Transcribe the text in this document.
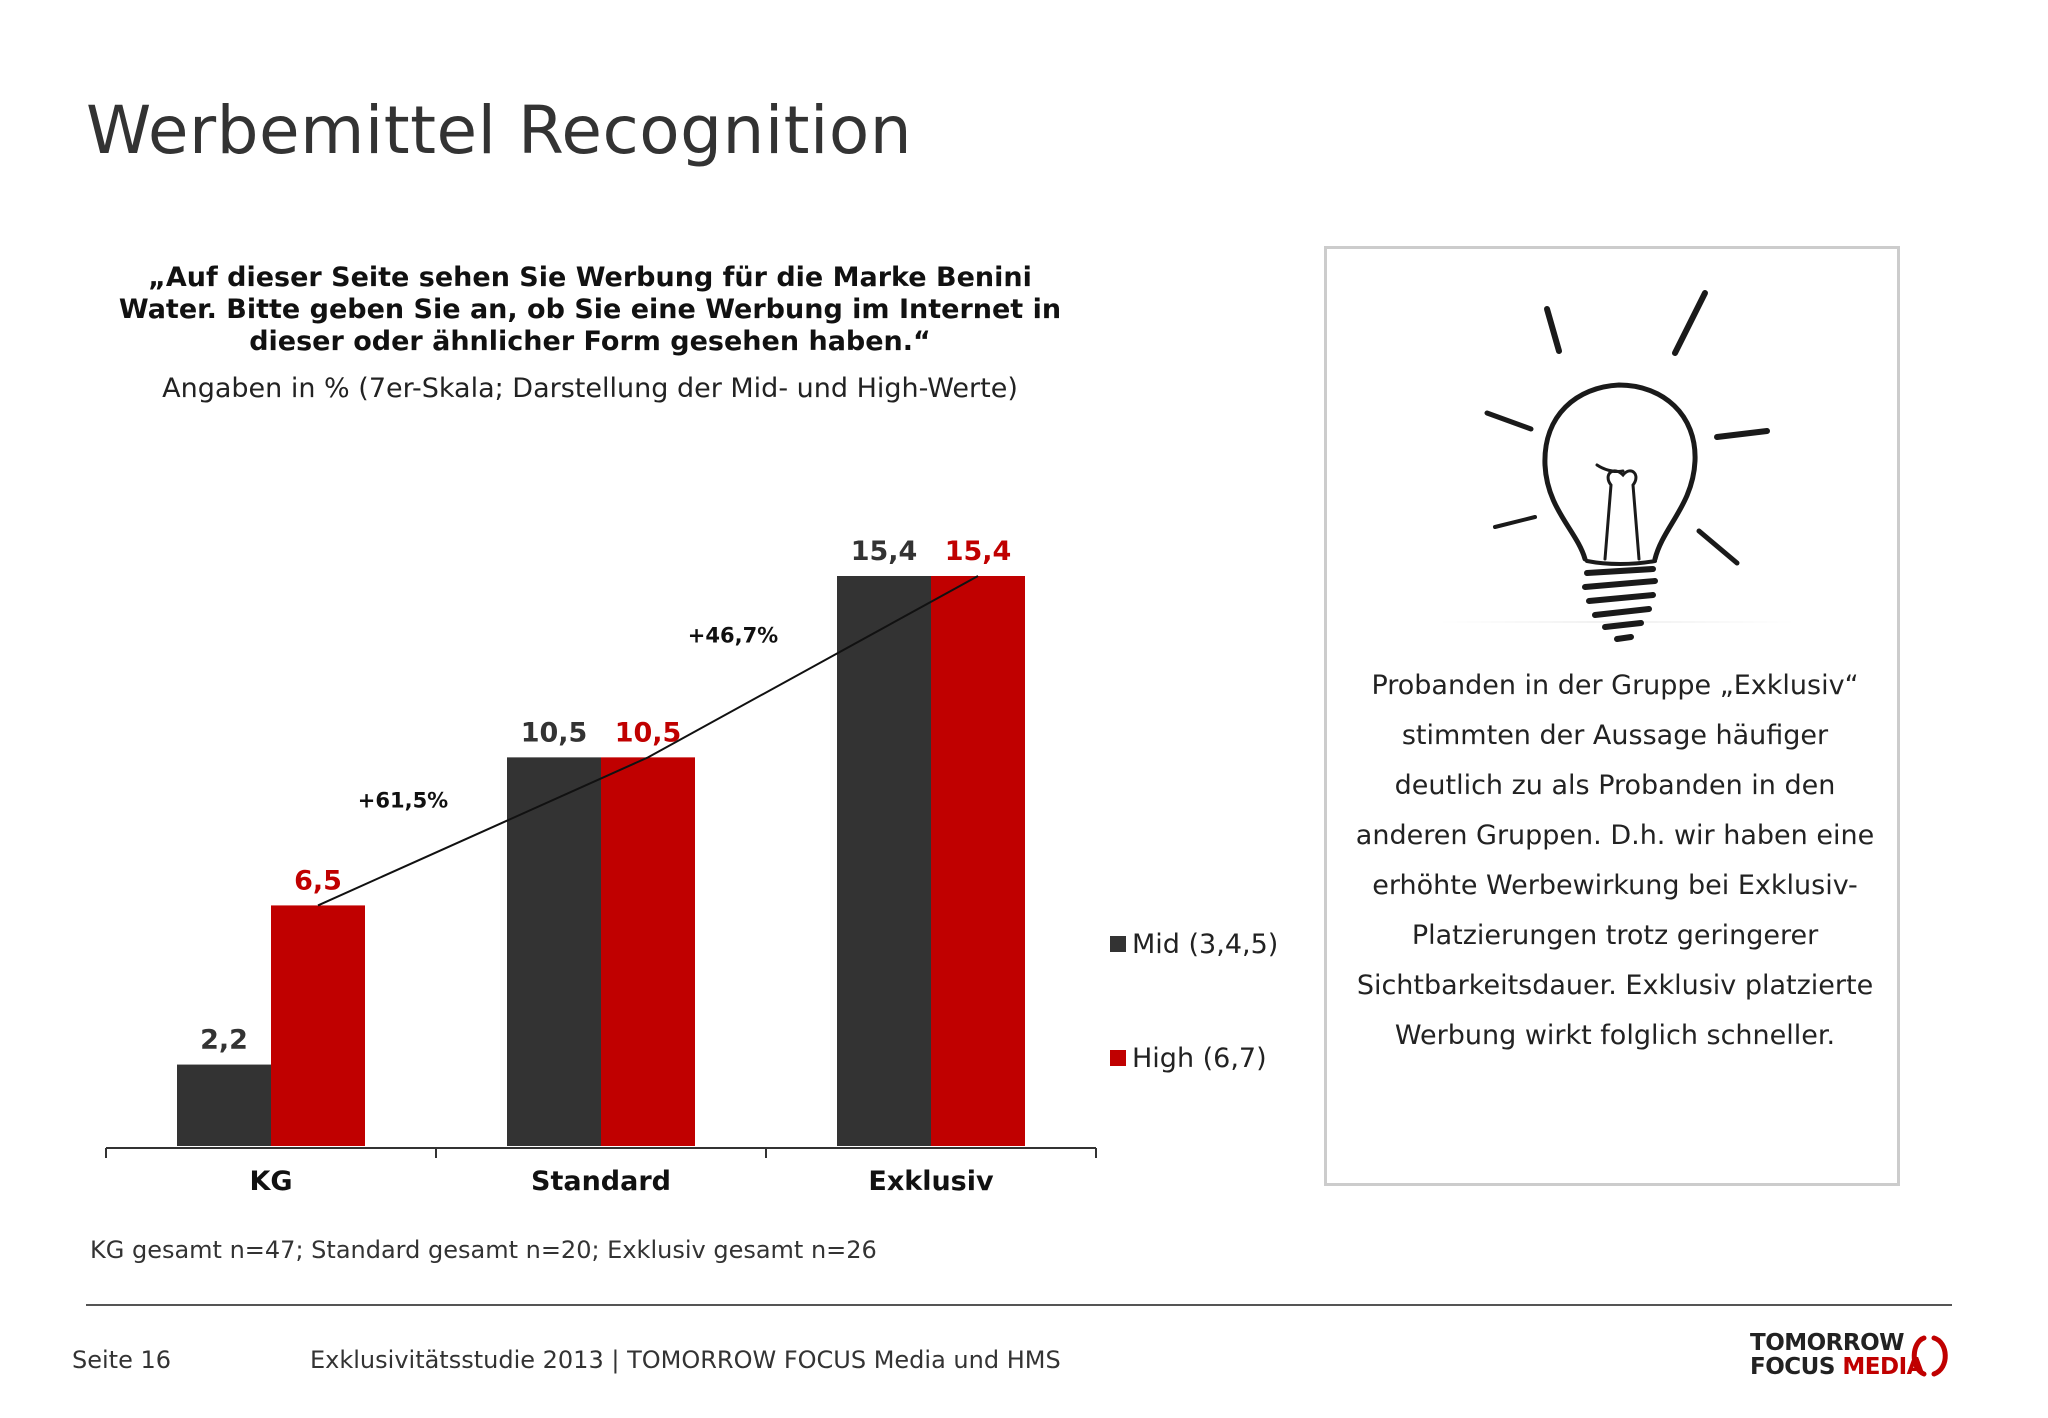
Werbemittel Recognition
„Auf dieser Seite sehen Sie Werbung für die Marke Benini Water. Bitte geben Sie an, ob Sie eine Werbung im Internet in dieser oder ähnlicher Form gesehen haben.“
Angaben in % (7er-Skala; Darstellung der Mid- und High-Werte)
2,2
6,5
KG
10,5 10,5
Standard
15,4 15,4
Exklusiv
+61,5%
+46,7%
Mid (3,4,5)
High (6,7)
KG gesamt n=47; Standard gesamt n=20; Exklusiv gesamt n=26
Probanden in der Gruppe „Exklusiv“
stimmten der Aussage häufiger
deutlich zu als Probanden in den
anderen Gruppen. D.h. wir haben eine
erhöhte Werbewirkung bei Exklusiv-
Platzierungen trotz geringerer
Sichtbarkeitsdauer. Exklusiv platzierte
Werbung wirkt folglich schneller.
Seite 16	Exklusivitätsstudie 2013 | TOMORROW FOCUS Media und HMS
TOMORROW
FOCUS MEDIA
